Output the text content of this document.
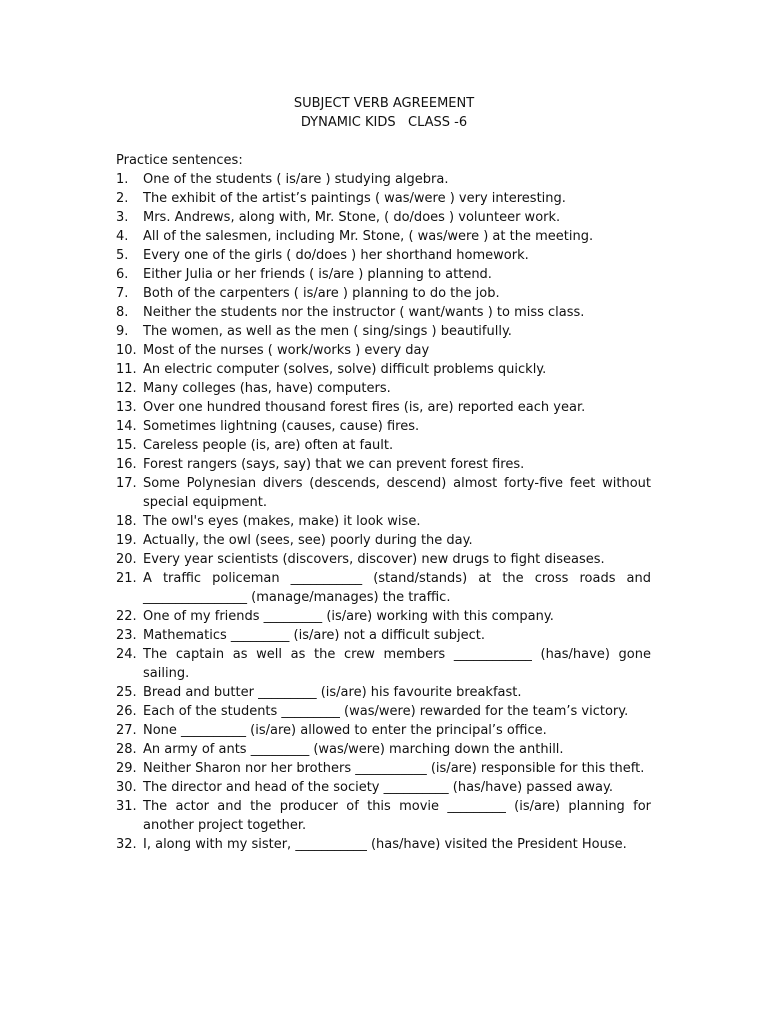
SUBJECT VERB AGREEMENT
DYNAMIC KIDS   CLASS -6
Practice sentences:
1.	One of the students ( is/are ) studying algebra.
2.	The exhibit of the artist’s paintings ( was/were ) very interesting.
3.	Mrs. Andrews, along with, Mr. Stone, ( do/does ) volunteer work.
4.	All of the salesmen, including Mr. Stone, ( was/were ) at the meeting.
5.	Every one of the girls ( do/does ) her shorthand homework.
6.	Either Julia or her friends ( is/are ) planning to attend.
7.	Both of the carpenters ( is/are ) planning to do the job.
8.	Neither the students nor the instructor ( want/wants ) to miss class.
9.	The women, as well as the men ( sing/sings ) beautifully.
10. Most of the nurses ( work/works ) every day
11. An electric computer (solves, solve) difficult problems quickly.
12. Many colleges (has, have) computers.
13. Over one hundred thousand forest fires (is, are) reported each year.
14. Sometimes lightning (causes, cause) fires.
15. Careless people (is, are) often at fault.
16. Forest rangers (says, say) that we can prevent forest fires.
17. Some Polynesian divers (descends, descend) almost forty-five feet without special equipment.
18. The owl's eyes (makes, make) it look wise.
19. Actually, the owl (sees, see) poorly during the day.
20. Every year scientists (discovers, discover) new drugs to fight diseases.
21. A traffic policeman ___________ (stand/stands) at the cross roads and ________________ (manage/manages) the traffic.
22. One of my friends _________ (is/are) working with this company.
23. Mathematics _________ (is/are) not a difficult subject.
24. The captain as well as the crew members ____________ (has/have) gone sailing.
25. Bread and butter _________ (is/are) his favourite breakfast.
26. Each of the students _________ (was/were) rewarded for the team’s victory.
27. None __________ (is/are) allowed to enter the principal’s office.
28. An army of ants _________ (was/were) marching down the anthill.
29. Neither Sharon nor her brothers ___________ (is/are) responsible for this theft.
30. The director and head of the society __________ (has/have) passed away.
31. The actor and the producer of this movie _________ (is/are) planning for another project together.
32. I, along with my sister, ___________ (has/have) visited the President House.
